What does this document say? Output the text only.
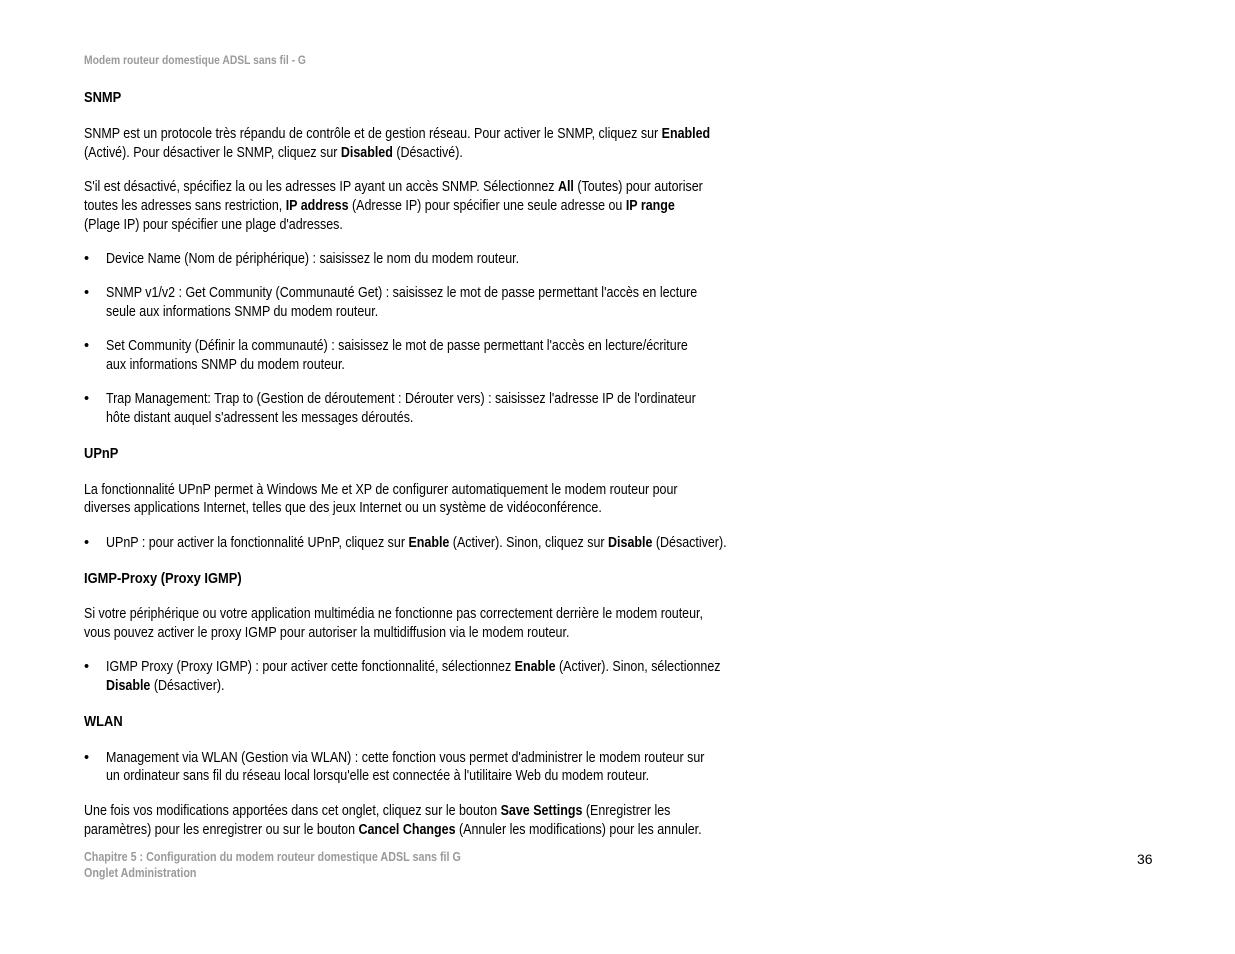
Modem routeur domestique ADSL sans fil - G
SNMP
SNMP est un protocole très répandu de contrôle et de gestion réseau. Pour activer le SNMP, cliquez sur Enabled
(Activé). Pour désactiver le SNMP, cliquez sur Disabled (Désactivé).
S'il est désactivé, spécifiez la ou les adresses IP ayant un accès SNMP. Sélectionnez All (Toutes) pour autoriser
toutes les adresses sans restriction, IP address (Adresse IP) pour spécifier une seule adresse ou IP range
(Plage IP) pour spécifier une plage d'adresses.
• Device Name (Nom de périphérique) : saisissez le nom du modem routeur.
• SNMP v1/v2 : Get Community (Communauté Get) : saisissez le mot de passe permettant l'accès en lecture
seule aux informations SNMP du modem routeur.
• Set Community (Définir la communauté) : saisissez le mot de passe permettant l'accès en lecture/écriture
aux informations SNMP du modem routeur.
• Trap Management: Trap to (Gestion de déroutement : Dérouter vers) : saisissez l'adresse IP de l'ordinateur
hôte distant auquel s'adressent les messages déroutés.
UPnP
La fonctionnalité UPnP permet à Windows Me et XP de configurer automatiquement le modem routeur pour
diverses applications Internet, telles que des jeux Internet ou un système de vidéoconférence.
• UPnP : pour activer la fonctionnalité UPnP, cliquez sur Enable (Activer). Sinon, cliquez sur Disable (Désactiver).
IGMP-Proxy (Proxy IGMP)
Si votre périphérique ou votre application multimédia ne fonctionne pas correctement derrière le modem routeur,
vous pouvez activer le proxy IGMP pour autoriser la multidiffusion via le modem routeur.
• IGMP Proxy (Proxy IGMP) : pour activer cette fonctionnalité, sélectionnez Enable (Activer). Sinon, sélectionnez
Disable (Désactiver).
WLAN
• Management via WLAN (Gestion via WLAN) : cette fonction vous permet d'administrer le modem routeur sur
un ordinateur sans fil du réseau local lorsqu'elle est connectée à l'utilitaire Web du modem routeur.
Une fois vos modifications apportées dans cet onglet, cliquez sur le bouton Save Settings (Enregistrer les
paramètres) pour les enregistrer ou sur le bouton Cancel Changes (Annuler les modifications) pour les annuler.
Chapitre 5 : Configuration du modem routeur domestique ADSL sans fil G
Onglet Administration
36
